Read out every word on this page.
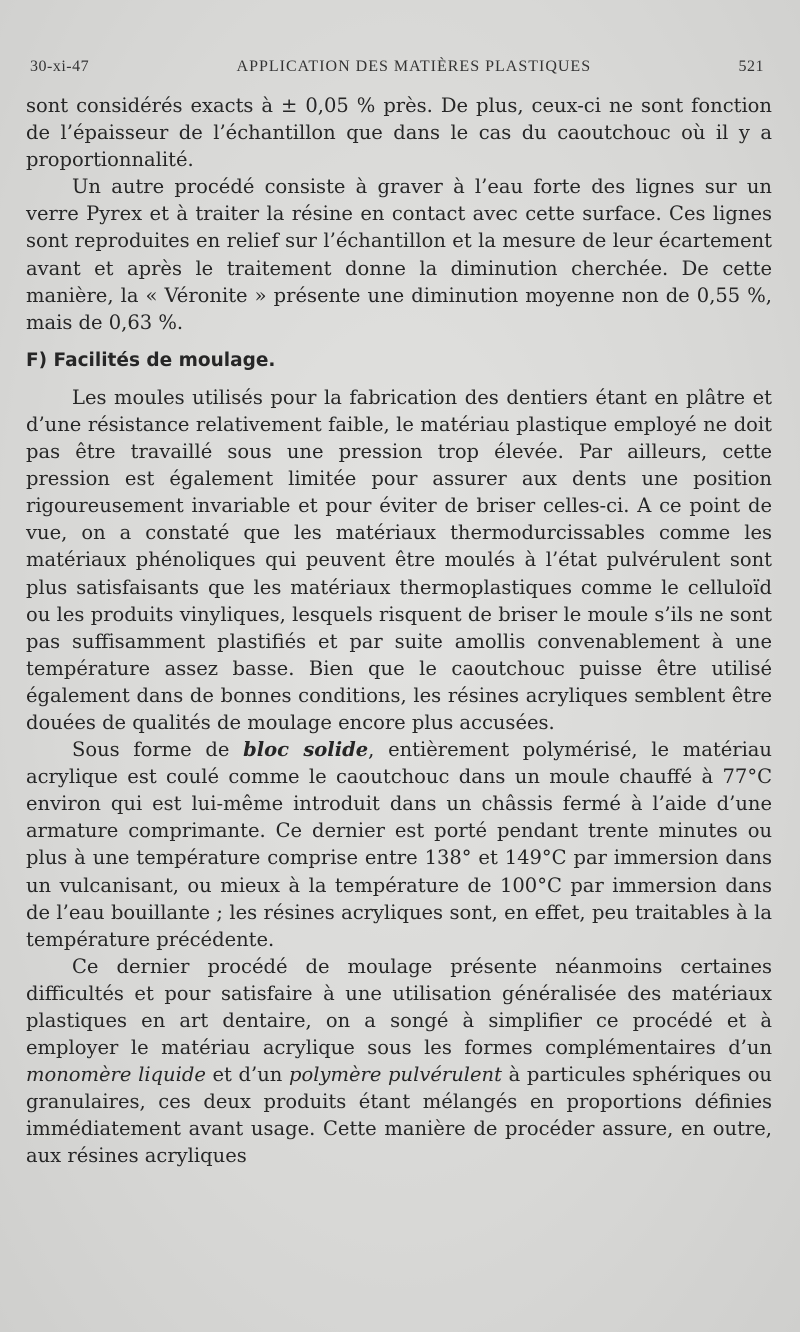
30-xi-47	APPLICATION DES MATIÈRES PLASTIQUES	521

sont considérés exacts à ± 0,05 % près. De plus, ceux-ci ne sont fonction de l’épaisseur de l’échantillon que dans le cas du caoutchouc où il y a proportionnalité.

Un autre procédé consiste à graver à l’eau forte des lignes sur un verre Pyrex et à traiter la résine en contact avec cette surface. Ces lignes sont reproduites en relief sur l’échantillon et la mesure de leur écartement avant et après le traitement donne la diminution cherchée. De cette manière, la « Véronite » présente une diminution moyenne non de 0,55 %, mais de 0,63 %.

F) Facilités de moulage.

Les moules utilisés pour la fabrication des dentiers étant en plâtre et d’une résistance relativement faible, le matériau plastique employé ne doit pas être travaillé sous une pression trop élevée. Par ailleurs, cette pression est également limitée pour assurer aux dents une position rigoureusement invariable et pour éviter de briser celles-ci. A ce point de vue, on a constaté que les matériaux thermodurcissables comme les matériaux phénoliques qui peuvent être moulés à l’état pulvérulent sont plus satisfaisants que les matériaux thermoplastiques comme le celluloïd ou les produits vinyliques, lesquels risquent de briser le moule s’ils ne sont pas suffisamment plastifiés et par suite amollis convenablement à une température assez basse. Bien que le caoutchouc puisse être utilisé également dans de bonnes conditions, les résines acryliques semblent être douées de qualités de moulage encore plus accusées.

Sous forme de bloc solide, entièrement polymérisé, le matériau acrylique est coulé comme le caoutchouc dans un moule chauffé à 77°C environ qui est lui-même introduit dans un châssis fermé à l’aide d’une armature comprimante. Ce dernier est porté pendant trente minutes ou plus à une température comprise entre 138° et 149°C par immersion dans un vulcanisant, ou mieux à la température de 100°C par immersion dans de l’eau bouillante ; les résines acryliques sont, en effet, peu traitables à la température précédente.

Ce dernier procédé de moulage présente néanmoins certaines difficultés et pour satisfaire à une utilisation généralisée des matériaux plastiques en art dentaire, on a songé à simplifier ce procédé et à employer le matériau acrylique sous les formes complémentaires d’un monomère liquide et d’un polymère pulvérulent à particules sphériques ou granulaires, ces deux produits étant mélangés en proportions définies immédiatement avant usage. Cette manière de procéder assure, en outre, aux résines acryliques
